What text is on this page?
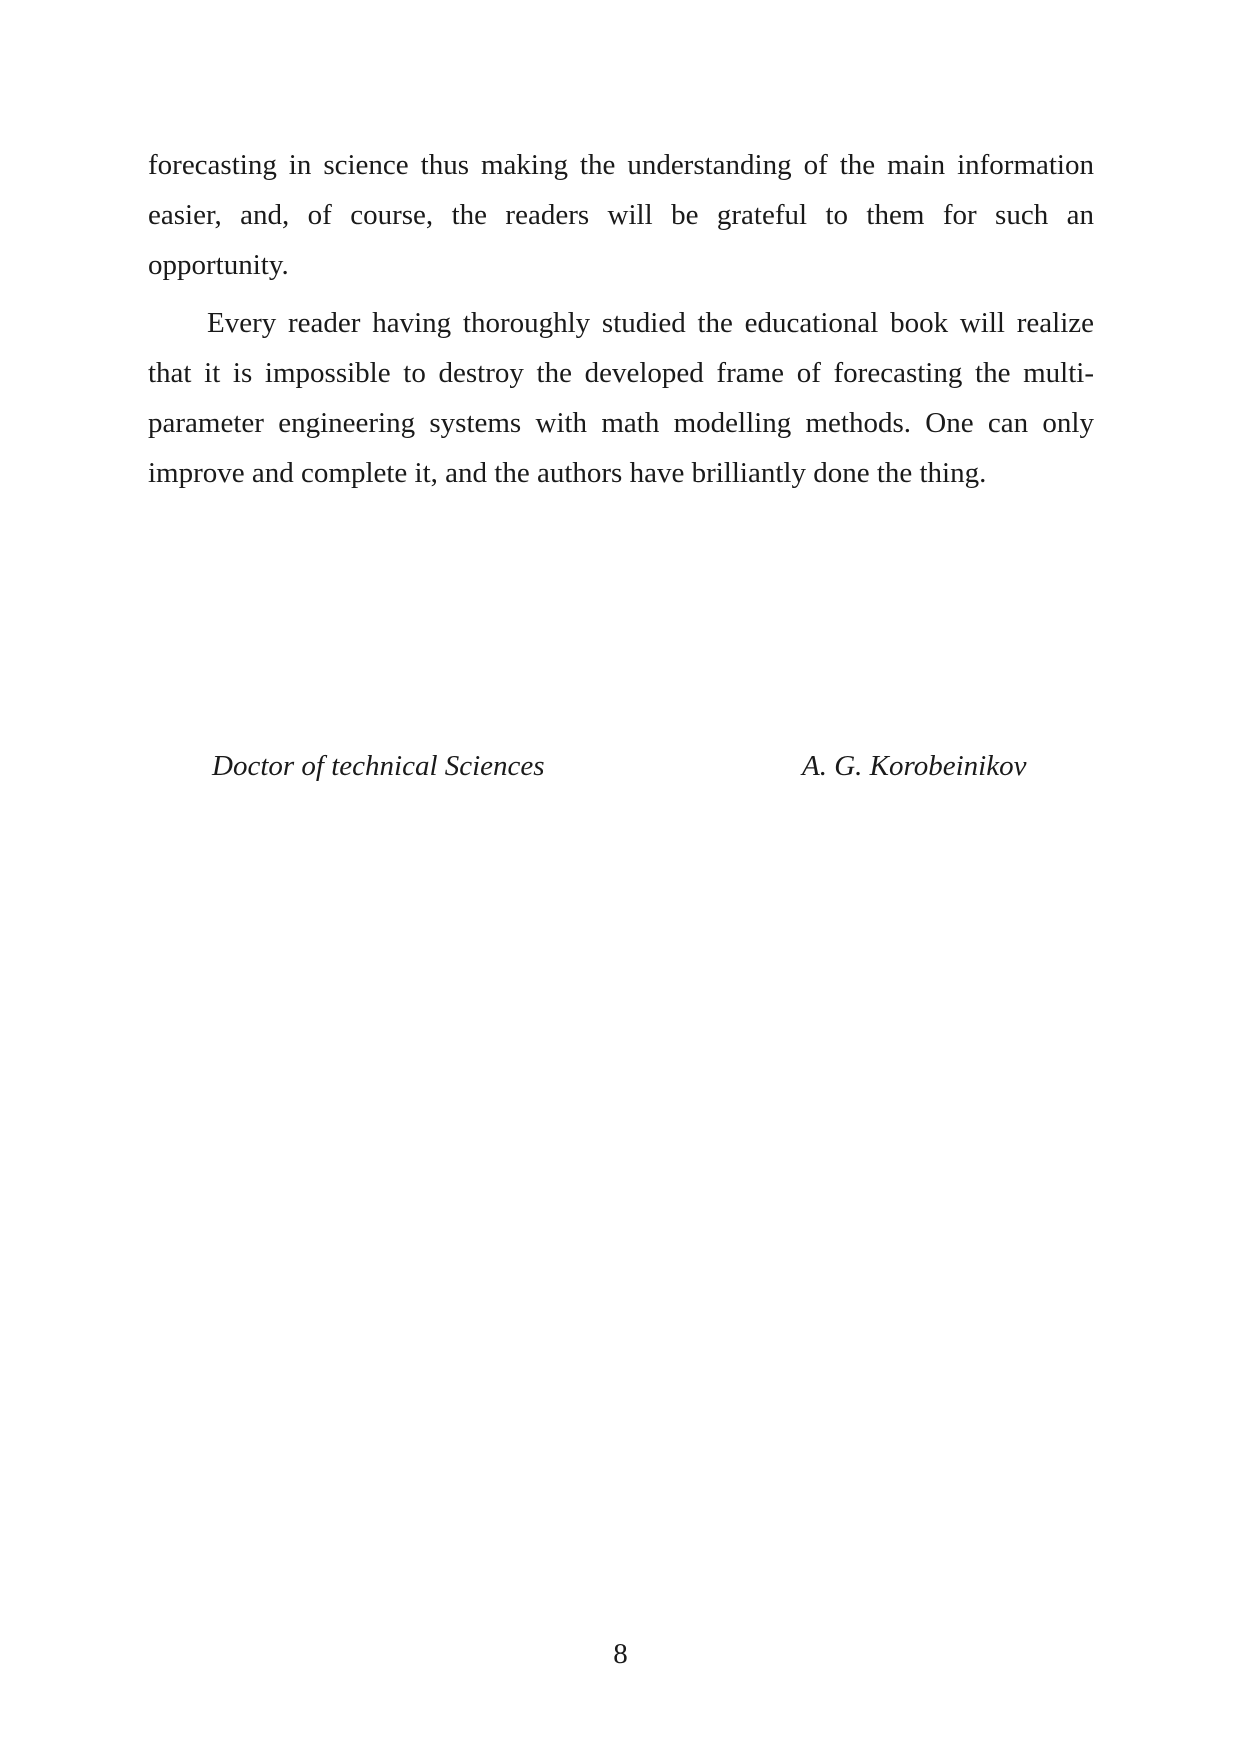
forecasting in science thus making the understanding of the main information easier, and, of course, the readers will be grateful to them for such an opportunity.

Every reader having thoroughly studied the educational book will realize that it is impossible to destroy the developed frame of forecasting the multi-parameter engineering systems with math modelling methods. One can only improve and complete it, and the authors have brilliantly done the thing.

Doctor of technical Sciences	A. G. Korobeinikov
8
